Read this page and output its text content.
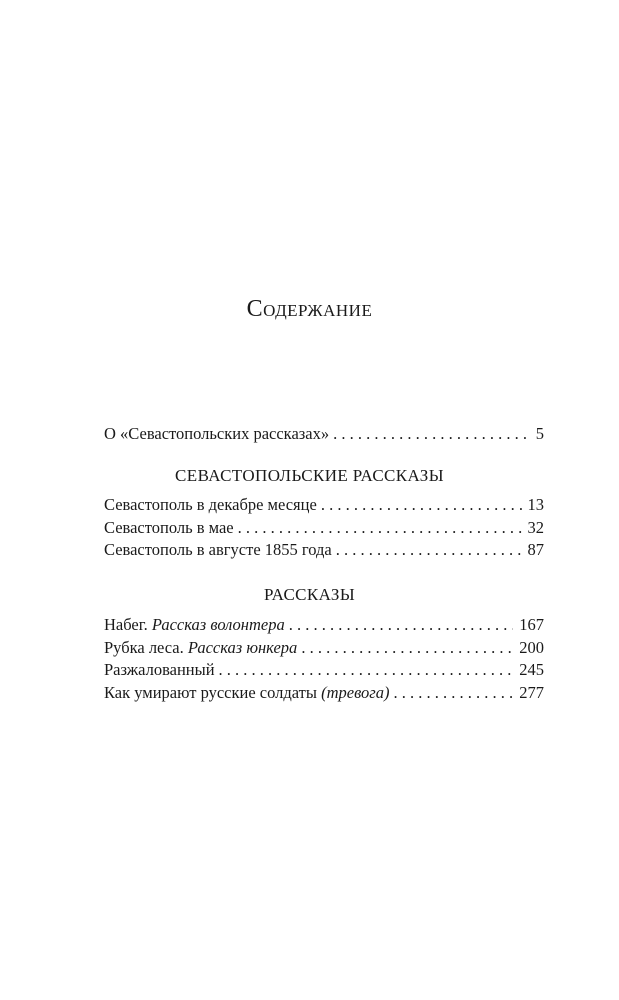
Содержание
О «Севастопольских рассказах» . . .	5
СЕВАСТОПОЛЬСКИЕ РАССКАЗЫ
Севастополь в декабре месяце . . .	13
Севастополь в мае . . .	32
Севастополь в августе 1855 года . . .	87
РАССКАЗЫ
Набег. Рассказ волонтера . . .	167
Рубка леса. Рассказ юнкера . . .	200
Разжалованный . . .	245
Как умирают русские солдаты (тревога) . . .	277
